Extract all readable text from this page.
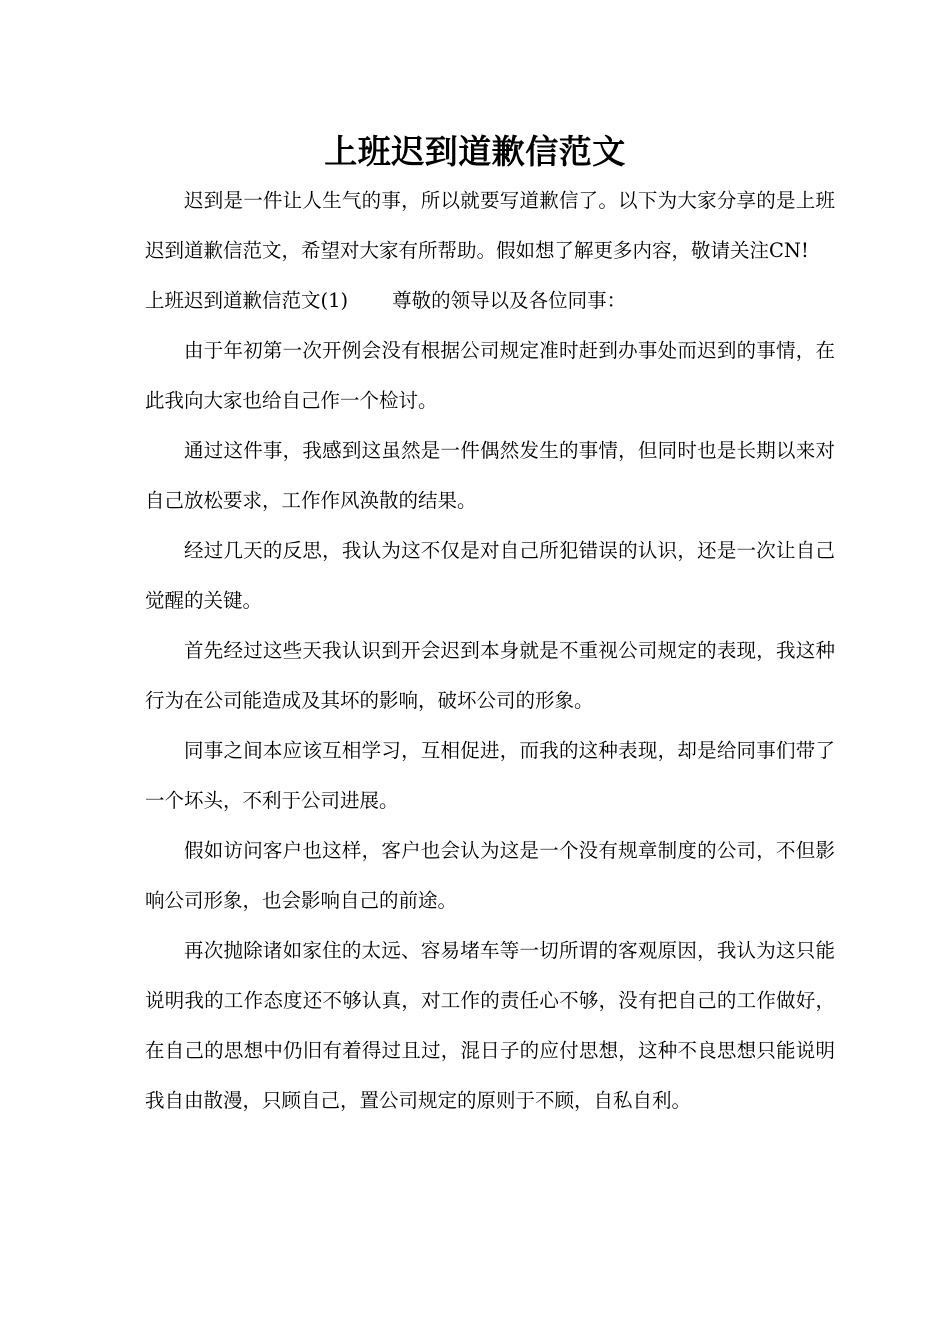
上班迟到道歉信范文

迟到是一件让人生气的事，所以就要写道歉信了。以下为大家分享的是上班迟到道歉信范文，希望对大家有所帮助。假如想了解更多内容，敬请关注CN!

上班迟到道歉信范文(1) 尊敬的领导以及各位同事：

由于年初第一次开例会没有根据公司规定准时赶到办事处而迟到的事情，在此我向大家也给自己作一个检讨。

通过这件事，我感到这虽然是一件偶然发生的事情，但同时也是长期以来对自己放松要求，工作作风涣散的结果。

经过几天的反思，我认为这不仅是对自己所犯错误的认识，还是一次让自己觉醒的关键。

首先经过这些天我认识到开会迟到本身就是不重视公司规定的表现，我这种行为在公司能造成及其坏的影响，破坏公司的形象。

同事之间本应该互相学习，互相促进，而我的这种表现，却是给同事们带了一个坏头，不利于公司进展。

假如访问客户也这样，客户也会认为这是一个没有规章制度的公司，不但影响公司形象，也会影响自己的前途。

再次抛除诸如家住的太远、容易堵车等一切所谓的客观原因，我认为这只能说明我的工作态度还不够认真，对工作的责任心不够，没有把自己的工作做好，在自己的思想中仍旧有着得过且过，混日子的应付思想，这种不良思想只能说明我自由散漫，只顾自己，置公司规定的原则于不顾，自私自利。
